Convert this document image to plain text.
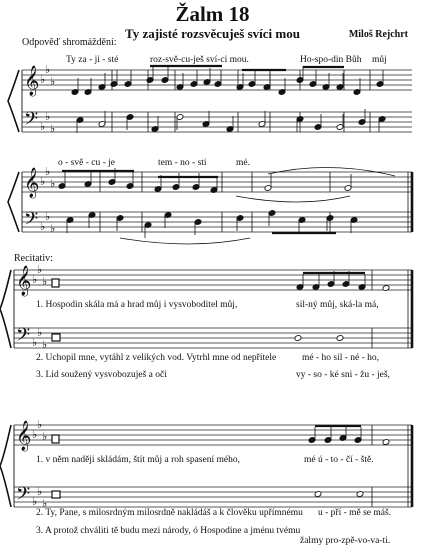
Žalm 18
Ty zajisté rozsvěcuješ svíci mou	Miloš Rejchrt
Odpověď shromáždění:
Ty za - ji - sté	roz-svě-cu-ješ sví-ci mou.	Ho-spo-din Bůh můj
o - svě - cu - je	tem - no - sti	mé.
Recitativ:
1. Hospodin skála má a hrad můj i vysvoboditel můj,	sil-ný můj, ská-la má,
2. Uchopil mne, vytáhl z veliký​ch vod. Vytrhl mne od nepřítele	mé - ho sil - né - ho,
3. Lid soužený vysvobozuješ a oči	vy - so - ké sni - žu - ješ,
1. v něm naději skládám, štít můj a roh spasení mého,	mé ú - to - čí - ště.
2. Ty, Pane, s milosrdným milosrdně nakládáš a k člověku upřímnému u - pří - mě se máš.
3. A protož chváliti tě budu mezi národy, ó Hospodine a jménu tvému
žalmy pro-zpě-vo-va-ti.
𝄞
𝄢
♭
♭
♭
♭
♭
♭
𝄞
𝄢
♭
♭
♭
♭
♭
♭
𝄞
𝄢
♭
♭
♭
♭
♭
♭
𝄞
𝄢
♭
♭
♭
♭
♭
♭
